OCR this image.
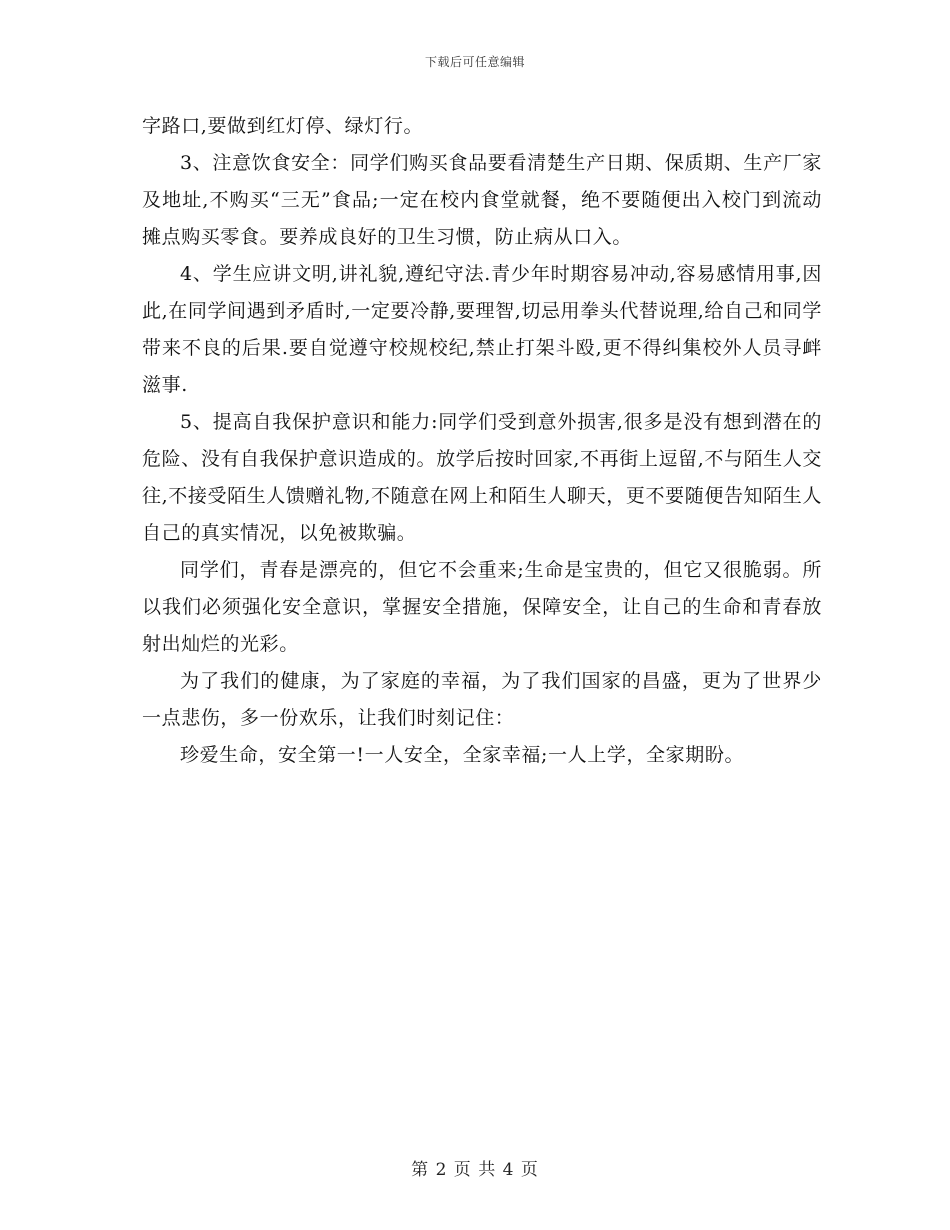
下载后可任意编辑

字路口,要做到红灯停、绿灯行。

3、注意饮食安全：同学们购买食品要看清楚生产日期、保质期、生产厂家及地址,不购买“三无”食品;一定在校内食堂就餐，绝不要随便出入校门到流动摊点购买零食。要养成良好的卫生习惯，防止病从口入。

4、学生应讲文明,讲礼貌,遵纪守法.青少年时期容易冲动,容易感情用事,因此,在同学间遇到矛盾时,一定要冷静,要理智,切忌用拳头代替说理,给自己和同学带来不良的后果.要自觉遵守校规校纪,禁止打架斗殴,更不得纠集校外人员寻衅滋事.

5、提高自我保护意识和能力:同学们受到意外损害,很多是没有想到潜在的危险、没有自我保护意识造成的。放学后按时回家,不再街上逗留,不与陌生人交往,不接受陌生人馈赠礼物,不随意在网上和陌生人聊天，更不要随便告知陌生人自己的真实情况，以免被欺骗。

同学们，青春是漂亮的，但它不会重来;生命是宝贵的，但它又很脆弱。所以我们必须强化安全意识，掌握安全措施，保障安全，让自己的生命和青春放射出灿烂的光彩。

为了我们的健康，为了家庭的幸福，为了我们国家的昌盛，更为了世界少一点悲伤，多一份欢乐，让我们时刻记住：

珍爱生命，安全第一!一人安全，全家幸福;一人上学，全家期盼。

第 2 页 共 4 页
